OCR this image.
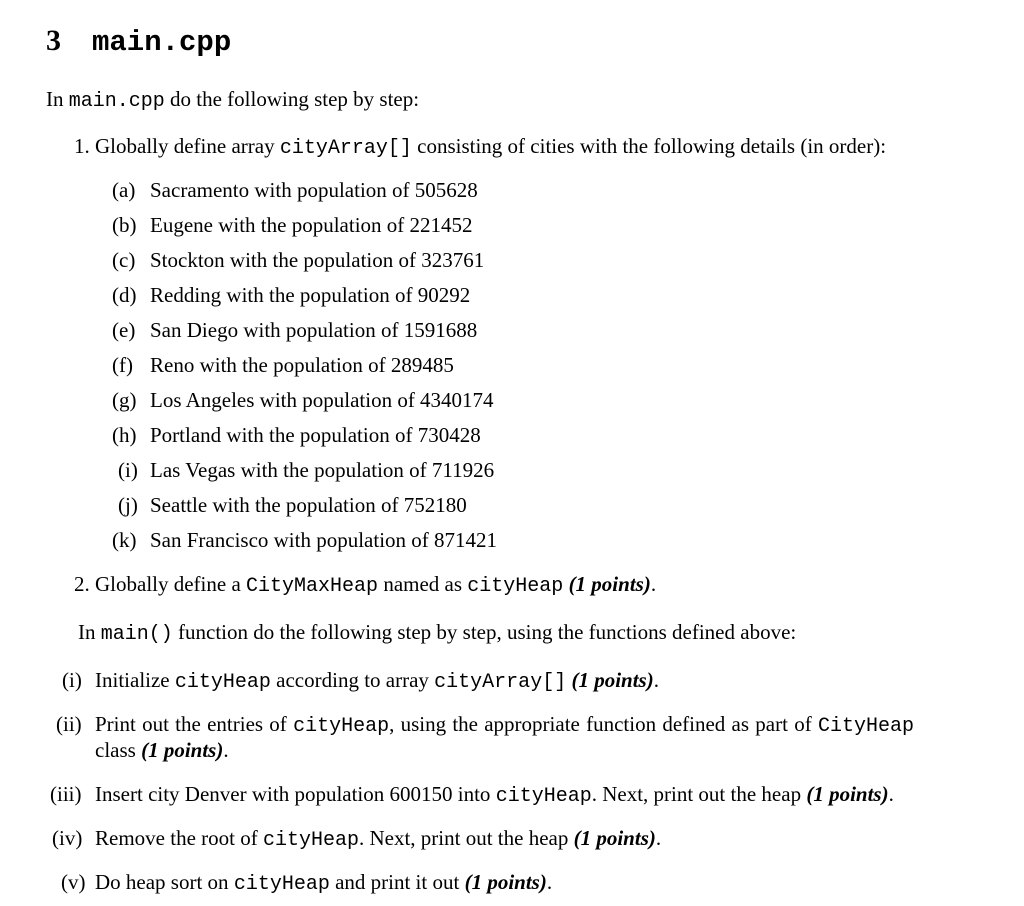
3 main.cpp
In main.cpp do the following step by step:
1. Globally define array cityArray[] consisting of cities with the following details (in order):
(a) Sacramento with population of 505628
(b) Eugene with the population of 221452
(c) Stockton with the population of 323761
(d) Redding with the population of 90292
(e) San Diego with population of 1591688
(f) Reno with the population of 289485
(g) Los Angeles with population of 4340174
(h) Portland with the population of 730428
(i) Las Vegas with the population of 711926
(j) Seattle with the population of 752180
(k) San Francisco with population of 871421
2. Globally define a CityMaxHeap named as cityHeap (1 points).
In main() function do the following step by step, using the functions defined above:
(i) Initialize cityHeap according to array cityArray[] (1 points).
(ii) Print out the entries of cityHeap, using the appropriate function defined as part of CityHeap
class (1 points).
(iii) Insert city Denver with population 600150 into cityHeap. Next, print out the heap (1 points).
(iv) Remove the root of cityHeap. Next, print out the heap (1 points).
(v) Do heap sort on cityHeap and print it out (1 points).
